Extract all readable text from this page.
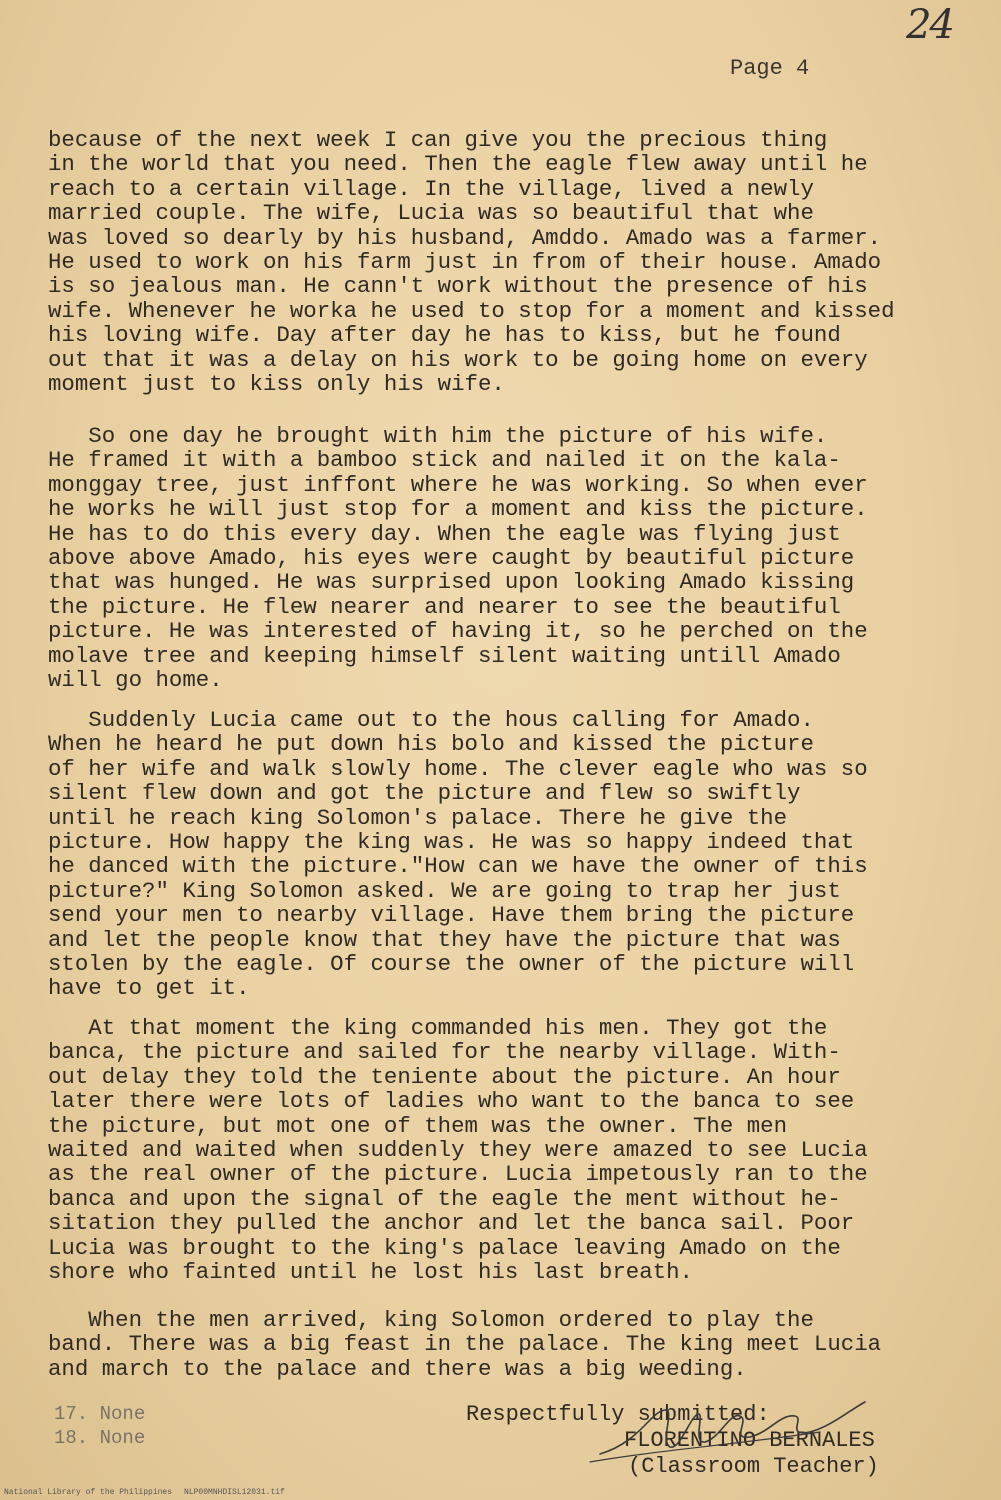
24
Page 4

because of the next week I can give you the precious thing
in the world that you need. Then the eagle flew away until he
reach to a certain village. In the village, lived a newly
married couple. The wife, Lucia was so beautiful that whe
was loved so dearly by his husband, Amddo. Amado was a farmer.
He used to work on his farm just in from of their house. Amado
is so jealous man. He cann't work without the presence of his
wife. Whenever he worka he used to stop for a moment and kissed
his loving wife. Day after day he has to kiss, but he found
out that it was a delay on his work to be going home on every
moment just to kiss only his wife.

So one day he brought with him the picture of his wife.
He framed it with a bamboo stick and nailed it on the kala-
monggay tree, just inffont where he was working. So when ever
he works he will just stop for a moment and kiss the picture.
He has to do this every day. When the eagle was flying just
above above Amado, his eyes were caught by beautiful picture
that was hunged. He was surprised upon looking Amado kissing
the picture. He flew nearer and nearer to see the beautiful
picture. He was interested of having it, so he perched on the
molave tree and keeping himself silent waiting untill Amado
will go home.

Suddenly Lucia came out to the hous calling for Amado.
When he heard he put down his bolo and kissed the picture
of her wife and walk slowly home. The clever eagle who was so
silent flew down and got the picture and flew so swiftly
until he reach king Solomon's palace. There he give the
picture. How happy the king was. He was so happy indeed that
he danced with the picture."How can we have the owner of this
picture?" King Solomon asked. We are going to trap her just
send your men to nearby village. Have them bring the picture
and let the people know that they have the picture that was
stolen by the eagle. Of course the owner of the picture will
have to get it.

At that moment the king commanded his men. They got the
banca, the picture and sailed for the nearby village. With-
out delay they told the teniente about the picture. An hour
later there were lots of ladies who want to the banca to see
the picture, but mot one of them was the owner. The men
waited and waited when suddenly they were amazed to see Lucia
as the real owner of the picture. Lucia impetously ran to the
banca and upon the signal of the eagle the ment without he-
sitation they pulled the anchor and let the banca sail. Poor
Lucia was brought to the king's palace leaving Amado on the
shore who fainted until he lost his last breath.

When the men arrived, king Solomon ordered to play the
band. There was a big feast in the palace. The king meet Lucia
and march to the palace and there was a big weeding.

17. None
18. None
Respectfully submitted:
FLORENTINO BERNALES
(Classroom Teacher)
National Library of the Philippines NLP00MNHDISL12031.tif
